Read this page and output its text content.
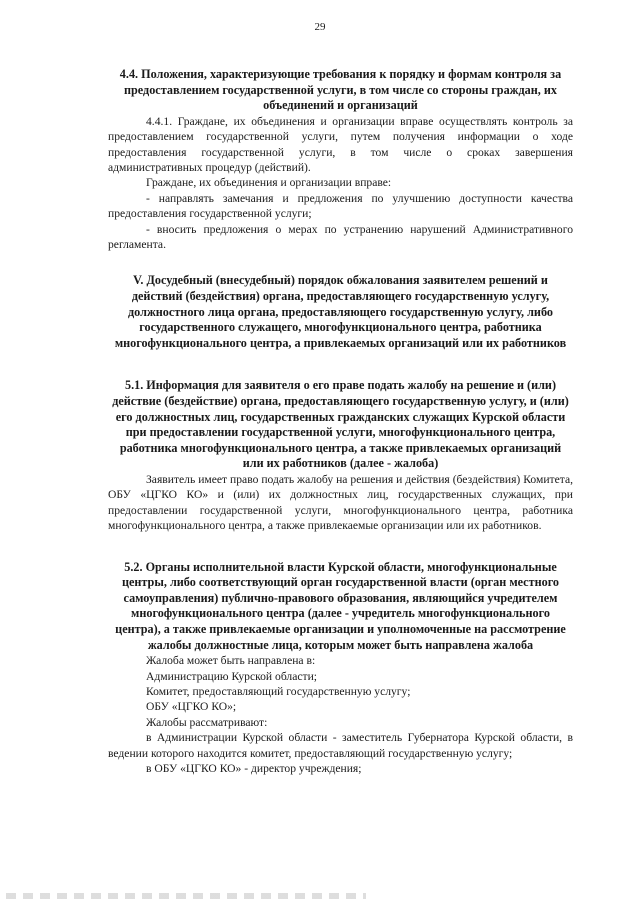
29
4.4. Положения, характеризующие требования к порядку и формам контроля за предоставлением государственной услуги, в том числе со стороны граждан, их объединений и организаций

4.4.1. Граждане, их объединения и организации вправе осуществлять контроль за предоставлением государственной услуги, путем получения информации о ходе предоставления государственной услуги, в том числе о сроках завершения административных процедур (действий).

Граждане, их объединения и организации вправе:

- направлять замечания и предложения по улучшению доступности качества предоставления государственной услуги;

- вносить предложения о мерах по устранению нарушений Административного регламента.

V. Досудебный (внесудебный) порядок обжалования заявителем решений и действий (бездействия) органа, предоставляющего государственную услугу, должностного лица органа, предоставляющего государственную услугу, либо государственного служащего, многофункционального центра, работника многофункционального центра, а привлекаемых организаций или их работников
5.1. Информация для заявителя о его праве подать жалобу на решение и (или) действие (бездействие) органа, предоставляющего государственную услугу, и (или) его должностных лиц, государственных гражданских служащих Курской области при предоставлении государственной услуги, многофункционального центра, работника многофункционального центра, а также привлекаемых организаций или их работников (далее - жалоба)

Заявитель имеет право подать жалобу на решения и действия (бездействия) Комитета, ОБУ «ЦГКО КО» и (или) их должностных лиц, государственных служащих, при предоставлении государственной услуги, многофункционального центра, работника многофункционального центра, а также привлекаемые организации или их работников.

5.2. Органы исполнительной власти Курской области, многофункциональные центры, либо соответствующий орган государственной власти (орган местного самоуправления) публично-правового образования, являющийся учредителем многофункционального центра (далее - учредитель многофункционального центра), а также привлекаемые организации и уполномоченные на рассмотрение жалобы должностные лица, которым может быть направлена жалоба

Жалоба может быть направлена в:

Администрацию Курской области;

Комитет, предоставляющий государственную услугу;

ОБУ «ЦГКО КО»;

Жалобы рассматривают:

в Администрации Курской области - заместитель Губернатора Курской области, в ведении которого находится комитет, предоставляющий государственную услугу;

в ОБУ «ЦГКО КО» - директор учреждения;
